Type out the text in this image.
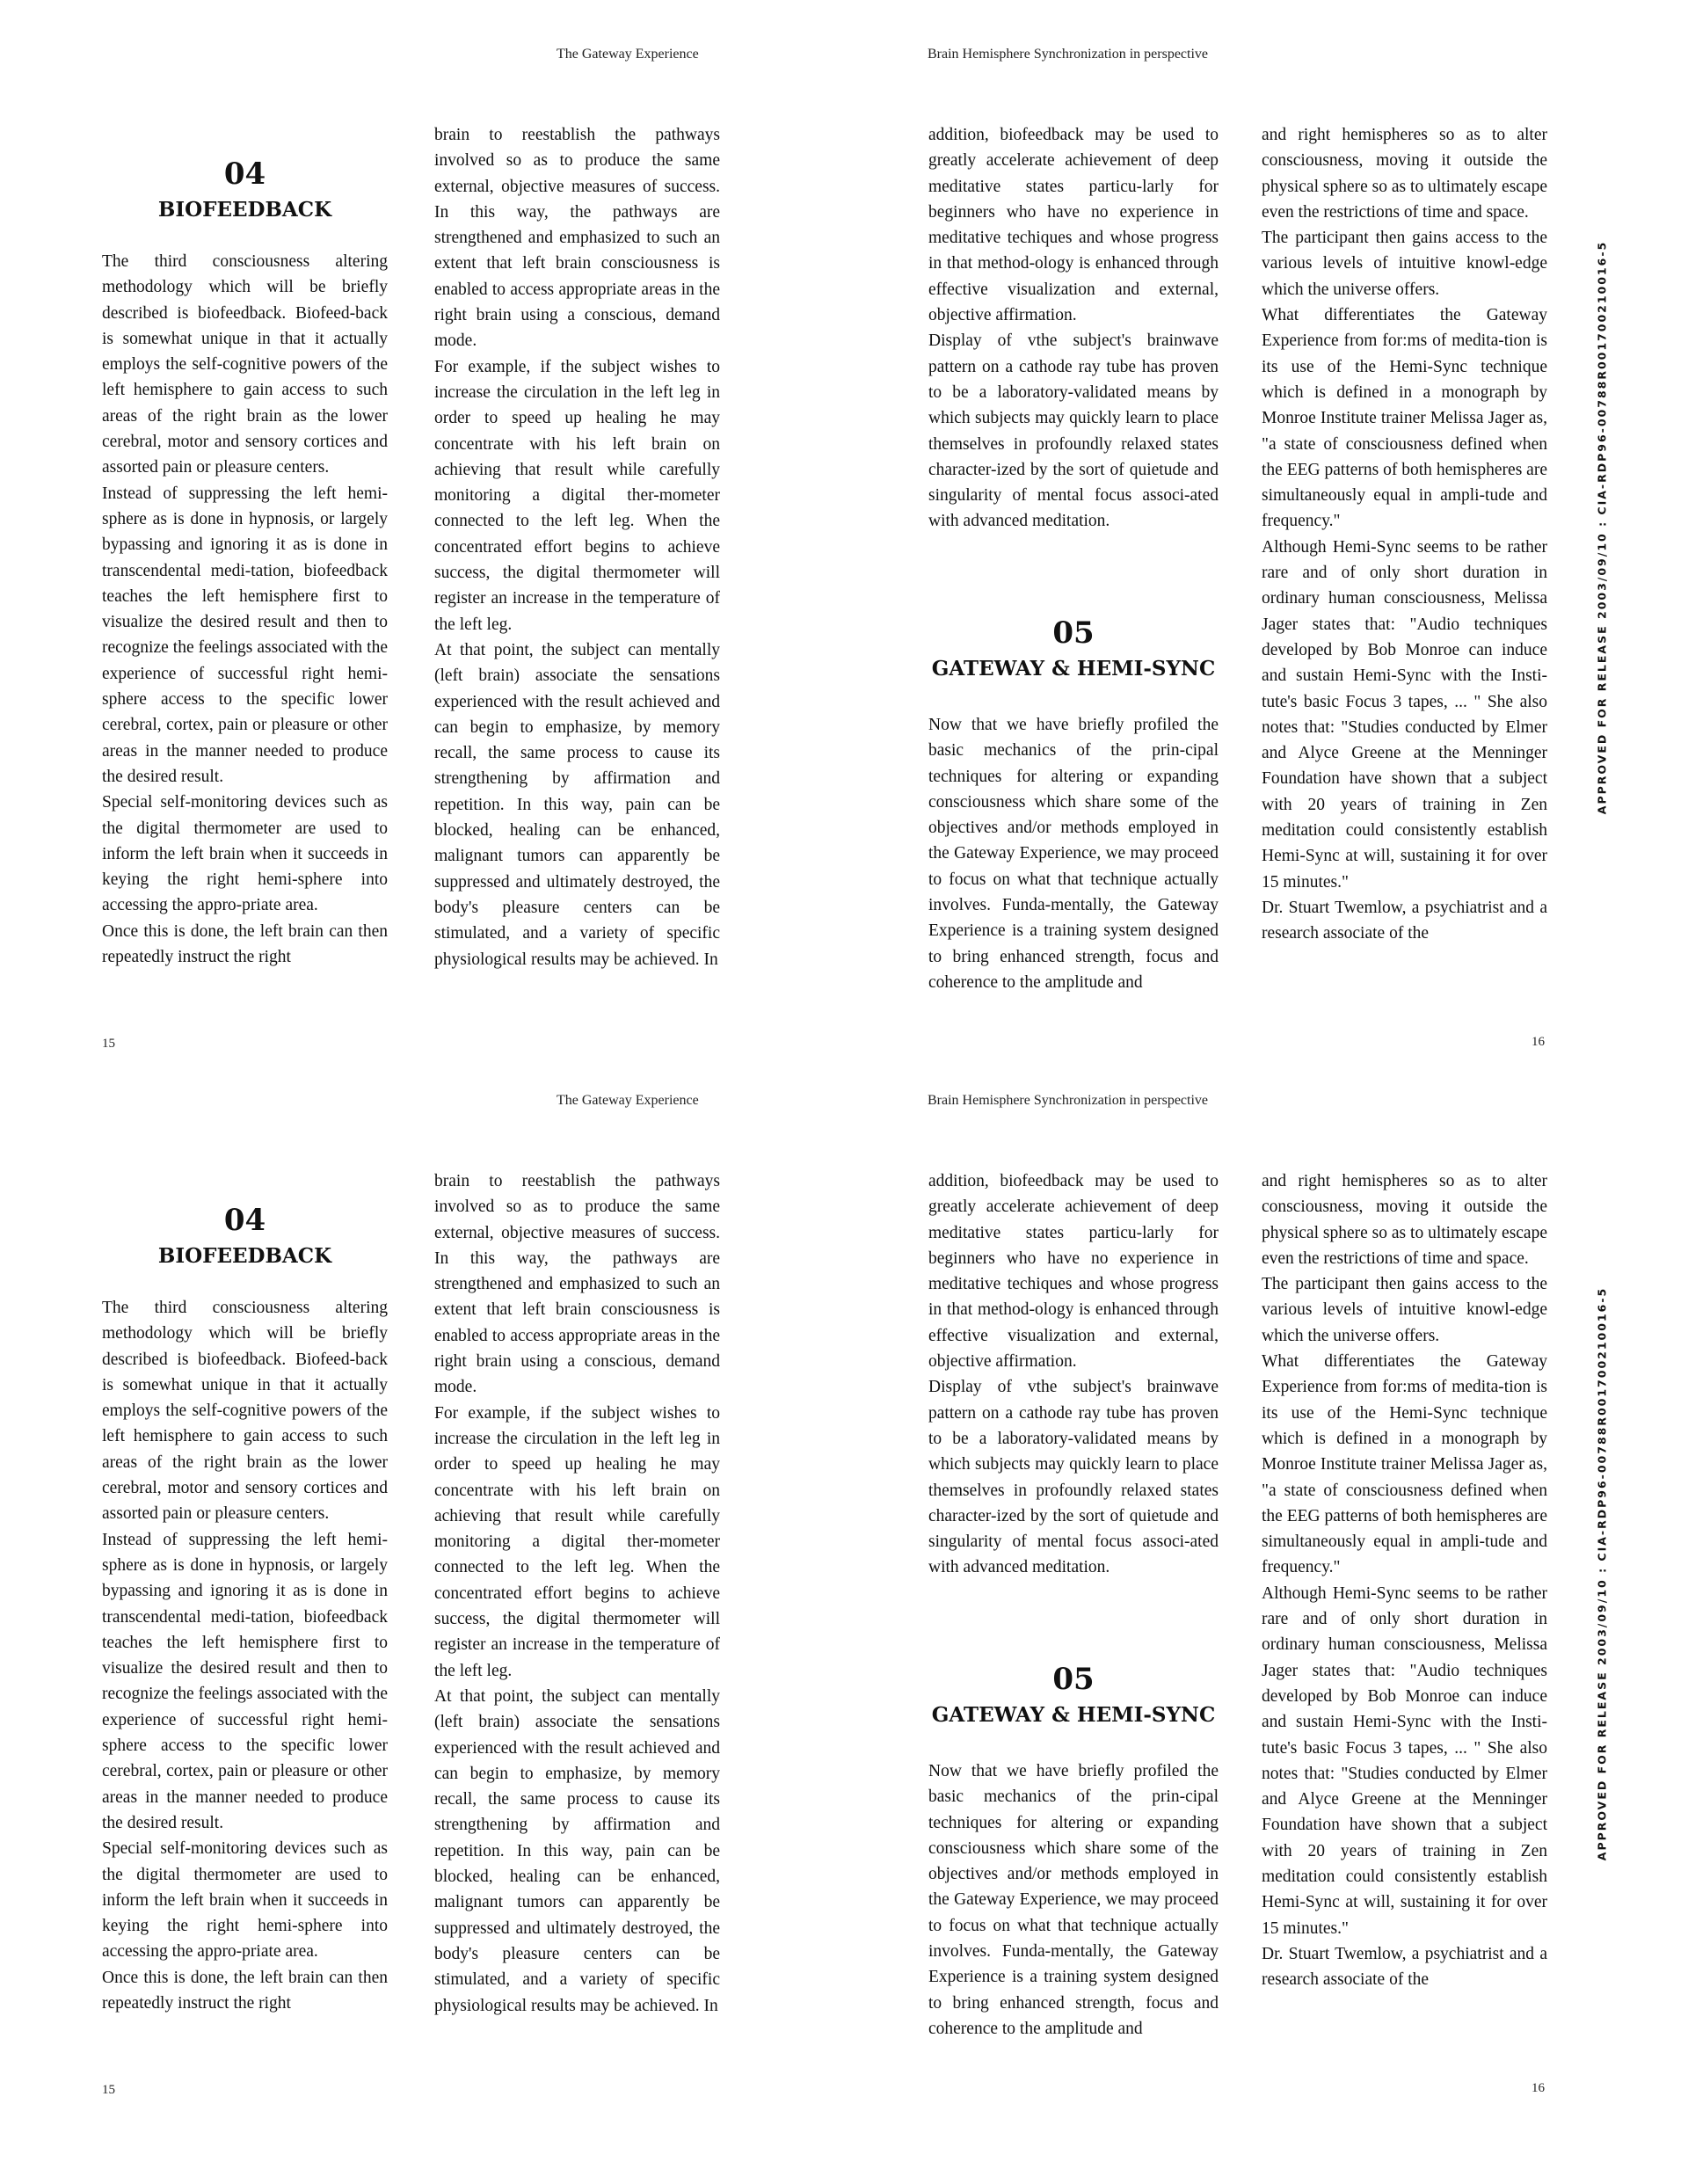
The Gateway Experience	Brain Hemisphere Synchronization in perspective
04
BIOFEEDBACK

The third consciousness altering methodology which will be briefly described is biofeedback. Biofeed-back is somewhat unique in that it actually employs the self-cognitive powers of the left hemisphere to gain access to such areas of the right brain as the lower cerebral, motor and sensory cortices and assorted pain or pleasure centers.

Instead of suppressing the left hemi-sphere as is done in hypnosis, or largely bypassing and ignoring it as is done in transcendental medi-tation, biofeedback teaches the left hemisphere first to visualize the desired result and then to recognize the feelings associated with the experience of successful right hemi-sphere access to the specific lower cerebral, cortex, pain or pleasure or other areas in the manner needed to produce the desired result.

Special self-monitoring devices such as the digital thermometer are used to inform the left brain when it succeeds in keying the right hemi-sphere into accessing the appro-priate area.

Once this is done, the left brain can then repeatedly instruct the right

brain to reestablish the pathways involved so as to produce the same external, objective measures of success. In this way, the pathways are strengthened and emphasized to such an extent that left brain consciousness is enabled to access appropriate areas in the right brain using a conscious, demand mode.

For example, if the subject wishes to increase the circulation in the left leg in order to speed up healing he may concentrate with his left brain on achieving that result while carefully monitoring a digital ther-mometer connected to the left leg. When the concentrated effort begins to achieve success, the digital thermometer will register an increase in the temperature of the left leg.

At that point, the subject can mentally (left brain) associate the sensations experienced with the result achieved and can begin to emphasize, by memory recall, the same process to cause its strengthening by affirmation and repetition. In this way, pain can be blocked, healing can be enhanced, malignant tumors can apparently be suppressed and ultimately destroyed, the body's pleasure centers can be stimulated, and a variety of specific physiological results may be achieved. In

addition, biofeedback may be used to greatly accelerate achievement of deep meditative states particu-larly for beginners who have no experience in meditative techiques and whose progress in that method-ology is enhanced through effective visualization and external, objective affirmation.

Display of vthe subject's brainwave pattern on a cathode ray tube has proven to be a laboratory-validated means by which subjects may quickly learn to place themselves in profoundly relaxed states character-ized by the sort of quietude and singularity of mental focus associ-ated with advanced meditation.

05
GATEWAY & HEMI-SYNC

Now that we have briefly profiled the basic mechanics of the prin-cipal techniques for altering or expanding consciousness which share some of the objectives and/or methods employed in the Gateway Experience, we may proceed to focus on what that technique actually involves. Funda-mentally, the Gateway Experience is a training system designed to bring enhanced strength, focus and coherence to the amplitude and

and right hemispheres so as to alter consciousness, moving it outside the physical sphere so as to ultimately escape even the restrictions of time and space.

The participant then gains access to the various levels of intuitive knowl-edge which the universe offers.

What differentiates the Gateway Experience from for:ms of medita-tion is its use of the Hemi-Sync technique which is defined in a monograph by Monroe Institute trainer Melissa Jager as, "a state of consciousness defined when the EEG patterns of both hemispheres are simultaneously equal in ampli-tude and frequency."

Although Hemi-Sync seems to be rather rare and of only short duration in ordinary human consciousness, Melissa Jager states that: "Audio techniques developed by Bob Monroe can induce and sustain Hemi-Sync with the Insti-tute's basic Focus 3 tapes, ... " She also notes that: "Studies conducted by Elmer and Alyce Greene at the Menninger Foundation have shown that a subject with 20 years of training in Zen meditation could consistently establish Hemi-Sync at will, sustaining it for over 15 minutes."

Dr. Stuart Twemlow, a psychiatrist and a research associate of the

APPROVED FOR RELEASE 2003/09/10 : CIA-RDP96-00788R001700210016-5
15	16
The Gateway Experience	Brain Hemisphere Synchronization in perspective
04
BIOFEEDBACK

The third consciousness altering methodology which will be briefly described is biofeedback. Biofeed-back is somewhat unique in that it actually employs the self-cognitive powers of the left hemisphere to gain access to such areas of the right brain as the lower cerebral, motor and sensory cortices and assorted pain or pleasure centers.

Instead of suppressing the left hemi-sphere as is done in hypnosis, or largely bypassing and ignoring it as is done in transcendental medi-tation, biofeedback teaches the left hemisphere first to visualize the desired result and then to recognize the feelings associated with the experience of successful right hemi-sphere access to the specific lower cerebral, cortex, pain or pleasure or other areas in the manner needed to produce the desired result.

Special self-monitoring devices such as the digital thermometer are used to inform the left brain when it succeeds in keying the right hemi-sphere into accessing the appro-priate area.

Once this is done, the left brain can then repeatedly instruct the right

brain to reestablish the pathways involved so as to produce the same external, objective measures of success. In this way, the pathways are strengthened and emphasized to such an extent that left brain consciousness is enabled to access appropriate areas in the right brain using a conscious, demand mode.

For example, if the subject wishes to increase the circulation in the left leg in order to speed up healing he may concentrate with his left brain on achieving that result while carefully monitoring a digital ther-mometer connected to the left leg. When the concentrated effort begins to achieve success, the digital thermometer will register an increase in the temperature of the left leg.

At that point, the subject can mentally (left brain) associate the sensations experienced with the result achieved and can begin to emphasize, by memory recall, the same process to cause its strengthening by affirmation and repetition. In this way, pain can be blocked, healing can be enhanced, malignant tumors can apparently be suppressed and ultimately destroyed, the body's pleasure centers can be stimulated, and a variety of specific physiological results may be achieved. In

addition, biofeedback may be used to greatly accelerate achievement of deep meditative states particu-larly for beginners who have no experience in meditative techiques and whose progress in that method-ology is enhanced through effective visualization and external, objective affirmation.

Display of vthe subject's brainwave pattern on a cathode ray tube has proven to be a laboratory-validated means by which subjects may quickly learn to place themselves in profoundly relaxed states character-ized by the sort of quietude and singularity of mental focus associ-ated with advanced meditation.

05
GATEWAY & HEMI-SYNC

Now that we have briefly profiled the basic mechanics of the prin-cipal techniques for altering or expanding consciousness which share some of the objectives and/or methods employed in the Gateway Experience, we may proceed to focus on what that technique actually involves. Funda-mentally, the Gateway Experience is a training system designed to bring enhanced strength, focus and coherence to the amplitude and

and right hemispheres so as to alter consciousness, moving it outside the physical sphere so as to ultimately escape even the restrictions of time and space.

The participant then gains access to the various levels of intuitive knowl-edge which the universe offers.

What differentiates the Gateway Experience from for:ms of medita-tion is its use of the Hemi-Sync technique which is defined in a monograph by Monroe Institute trainer Melissa Jager as, "a state of consciousness defined when the EEG patterns of both hemispheres are simultaneously equal in ampli-tude and frequency."

Although Hemi-Sync seems to be rather rare and of only short duration in ordinary human consciousness, Melissa Jager states that: "Audio techniques developed by Bob Monroe can induce and sustain Hemi-Sync with the Insti-tute's basic Focus 3 tapes, ... " She also notes that: "Studies conducted by Elmer and Alyce Greene at the Menninger Foundation have shown that a subject with 20 years of training in Zen meditation could consistently establish Hemi-Sync at will, sustaining it for over 15 minutes."

Dr. Stuart Twemlow, a psychiatrist and a research associate of the

APPROVED FOR RELEASE 2003/09/10 : CIA-RDP96-00788R001700210016-5
15	16
